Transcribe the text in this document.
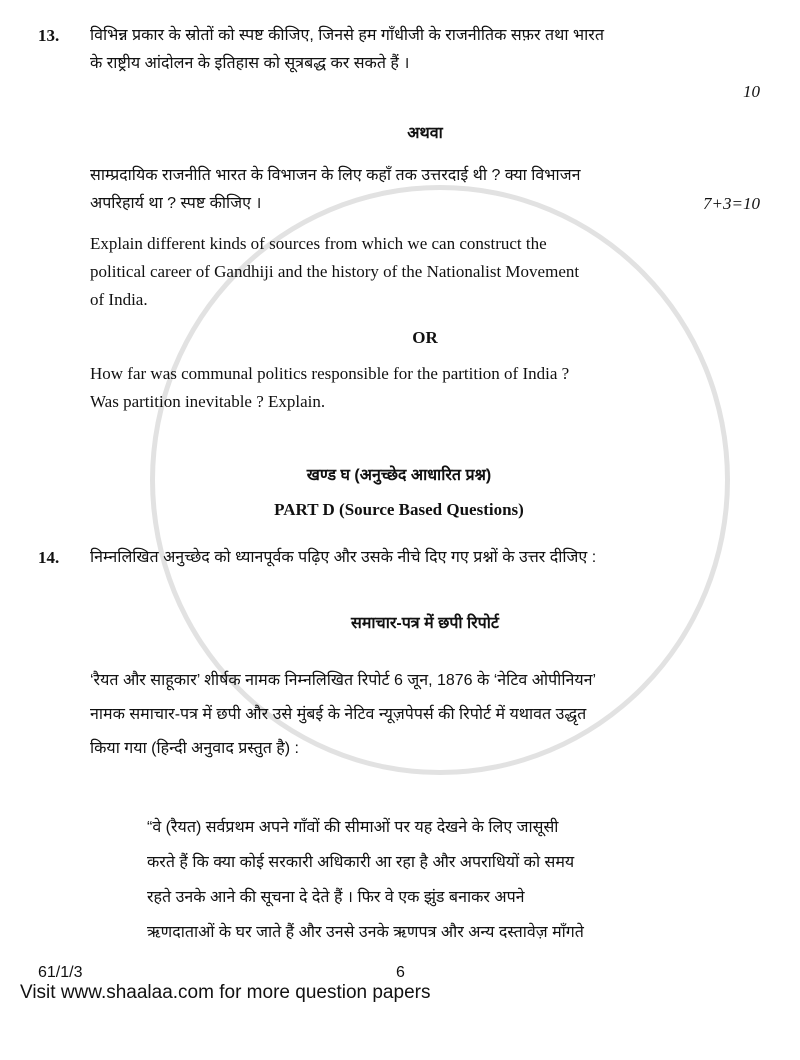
13.	विभिन्न प्रकार के स्रोतों को स्पष्ट कीजिए, जिनसे हम गाँधीजी के राजनीतिक सफ़र तथा भारत
के राष्ट्रीय आंदोलन के इतिहास को सूत्रबद्ध कर सकते हैं ।
10
अथवा
साम्प्रदायिक राजनीति भारत के विभाजन के लिए कहाँ तक उत्तरदाई थी ? क्या विभाजन
अपरिहार्य था ? स्पष्ट कीजिए ।	7+3=10
Explain different kinds of sources from which we can construct the
political career of Gandhiji and the history of the Nationalist Movement
of India.
OR
How far was communal politics responsible for the partition of India ?
Was partition inevitable ? Explain.
खण्ड घ (अनुच्छेद आधारित प्रश्न)
PART D (Source Based Questions)
14.	निम्नलिखित अनुच्छेद को ध्यानपूर्वक पढ़िए और उसके नीचे दिए गए प्रश्नों के उत्तर दीजिए :
समाचार-पत्र में छपी रिपोर्ट
‘रैयत और साहूकार’ शीर्षक नामक निम्नलिखित रिपोर्ट 6 जून, 1876 के ‘नेटिव ओपीनियन’
नामक समाचार-पत्र में छपी और उसे मुंबई के नेटिव न्यूज़पेपर्स की रिपोर्ट में यथावत उद्धृत
किया गया (हिन्दी अनुवाद प्रस्तुत है) :
“वे (रैयत) सर्वप्रथम अपने गाँवों की सीमाओं पर यह देखने के लिए जासूसी
करते हैं कि क्या कोई सरकारी अधिकारी आ रहा है और अपराधियों को समय
रहते उनके आने की सूचना दे देते हैं । फिर वे एक झुंड बनाकर अपने
ऋणदाताओं के घर जाते हैं और उनसे उनके ऋणपत्र और अन्य दस्तावेज़ माँगते
61/1/3	6
Visit www.shaalaa.com for more question papers
